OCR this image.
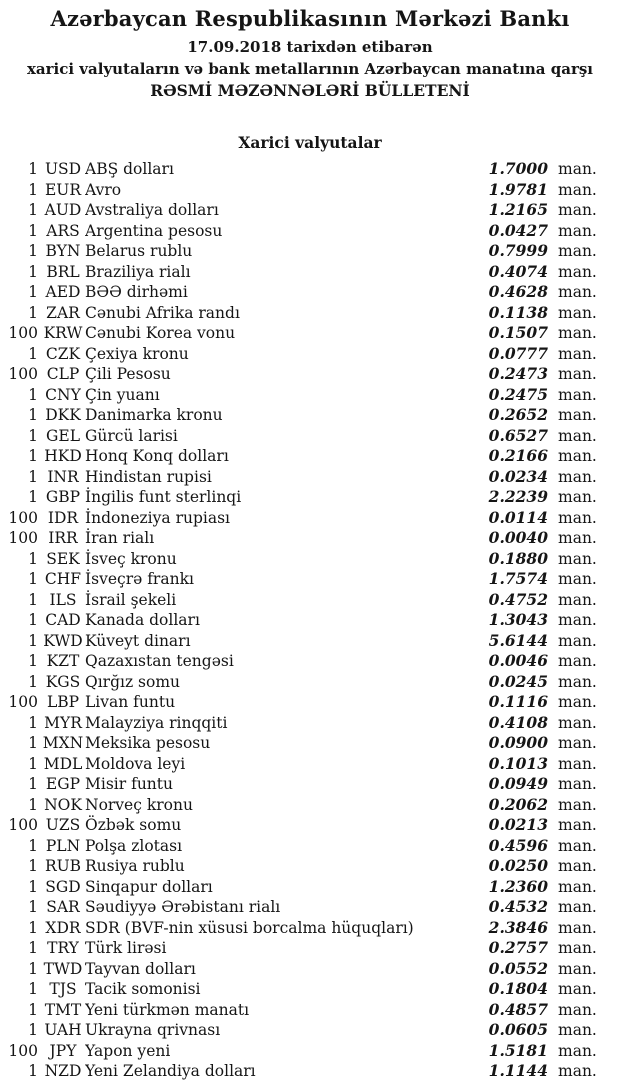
Azərbaycan Respublikasının Mərkəzi Bankı
17.09.2018 tarixdən etibarən
xarici valyutaların və bank metallarının Azərbaycan manatına qarşı
RƏSMİ MƏZƏNNƏLƏRİ BÜLLETENİ
Xarici valyutalar
1 USD ABŞ dolları	1.7000 man.
1 EUR Avro	1.9781 man.
1 AUD Avstraliya dolları	1.2165 man.
1 ARS Argentina pesosu	0.0427 man.
1 BYN Belarus rublu	0.7999 man.
1 BRL Braziliya rialı	0.4074 man.
1 AED BƏƏ dirhəmi	0.4628 man.
1 ZAR Cənubi Afrika randı	0.1138 man.
100 KRW Cənubi Korea vonu	0.1507 man.
1 CZK Çexiya kronu	0.0777 man.
100 CLP Çili Pesosu	0.2473 man.
1 CNY Çin yuanı	0.2475 man.
1 DKK Danimarka kronu	0.2652 man.
1 GEL Gürcü larisi	0.6527 man.
1 HKD Honq Konq dolları	0.2166 man.
1 INR Hindistan rupisi	0.0234 man.
1 GBP İngilis funt sterlinqi	2.2239 man.
100 IDR İndoneziya rupiası	0.0114 man.
100 IRR İran rialı	0.0040 man.
1 SEK İsveç kronu	0.1880 man.
1 CHF İsveçrə frankı	1.7574 man.
1 ILS İsrail şekeli	0.4752 man.
1 CAD Kanada dolları	1.3043 man.
1 KWD Küveyt dinarı	5.6144 man.
1 KZT Qazaxıstan tengəsi	0.0046 man.
1 KGS Qırğız somu	0.0245 man.
100 LBP Livan funtu	0.1116 man.
1 MYR Malayziya rinqqiti	0.4108 man.
1 MXN Meksika pesosu	0.0900 man.
1 MDL Moldova leyi	0.1013 man.
1 EGP Misir funtu	0.0949 man.
1 NOK Norveç kronu	0.2062 man.
100 UZS Özbək somu	0.0213 man.
1 PLN Polşa zlotası	0.4596 man.
1 RUB Rusiya rublu	0.0250 man.
1 SGD Sinqapur dolları	1.2360 man.
1 SAR Səudiyyə Ərəbistanı rialı	0.4532 man.
1 XDR SDR (BVF-nin xüsusi borcalma hüquqları)	2.3846 man.
1 TRY Türk lirəsi	0.2757 man.
1 TWD Tayvan dolları	0.0552 man.
1 TJS Tacik somonisi	0.1804 man.
1 TMT Yeni türkmən manatı	0.4857 man.
1 UAH Ukrayna qrivnası	0.0605 man.
100 JPY Yapon yeni	1.5181 man.
1 NZD Yeni Zelandiya dolları	1.1144 man.
